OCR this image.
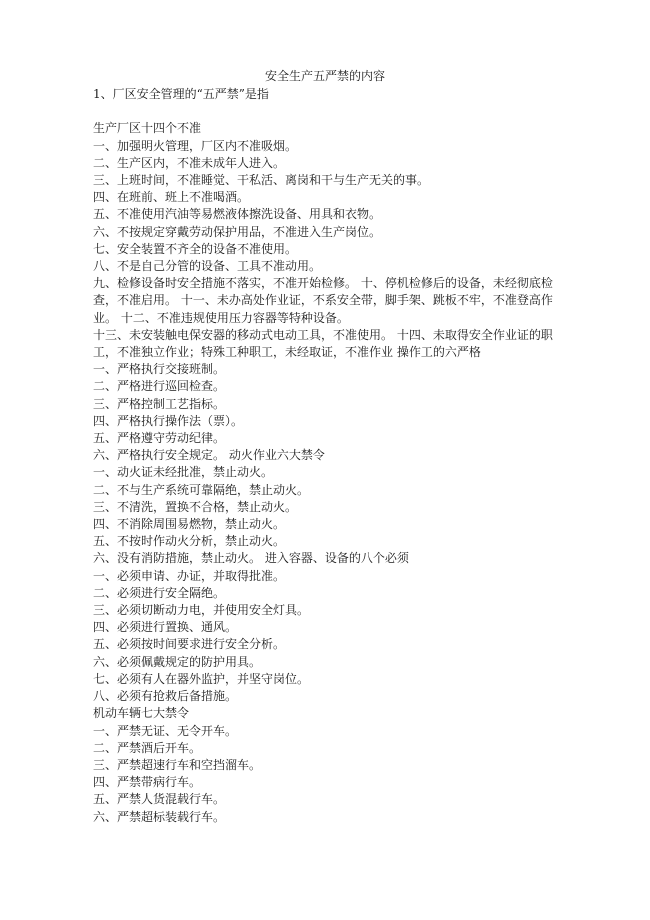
安全生产五严禁的内容
1、厂区安全管理的“五严禁”是指
生产厂区十四个不准
一、加强明火管理，厂区内不准吸烟。
二、生产区内，不准未成年人进入。
三、上班时间，不准睡觉、干私活、离岗和干与生产无关的事。
四、在班前、班上不准喝酒。
五、不准使用汽油等易燃液体擦洗设备、用具和衣物。
六、不按规定穿戴劳动保护用品，不准进入生产岗位。
七、安全装置不齐全的设备不准使用。
八、不是自己分管的设备、工具不准动用。
九、检修设备时安全措施不落实，不准开始检修。 十、停机检修后的设备，未经彻底检
查，不准启用。 十一、未办高处作业证，不系安全带，脚手架、跳板不牢，不准登高作
业。 十二、不准违规使用压力容器等特种设备。
十三、未安装触电保安器的移动式电动工具，不准使用。 十四、未取得安全作业证的职
工，不准独立作业；特殊工种职工，未经取证，不准作业 操作工的六严格
一、严格执行交接班制。
二、严格进行巡回检查。
三、严格控制工艺指标。
四、严格执行操作法（票）。
五、严格遵守劳动纪律。
六、严格执行安全规定。 动火作业六大禁令
一、动火证未经批准，禁止动火。
二、不与生产系统可靠隔绝，禁止动火。
三、不清洗，置换不合格，禁止动火。
四、不消除周围易燃物，禁止动火。
五、不按时作动火分析，禁止动火。
六、没有消防措施，禁止动火。 进入容器、设备的八个必须
一、必须申请、办证，并取得批准。
二、必须进行安全隔绝。
三、必须切断动力电，并使用安全灯具。
四、必须进行置换、通风。
五、必须按时间要求进行安全分析。
六、必须佩戴规定的防护用具。
七、必须有人在器外监护，并坚守岗位。
八、必须有抢救后备措施。
机动车辆七大禁令
一、严禁无证、无令开车。
二、严禁酒后开车。
三、严禁超速行车和空挡溜车。
四、严禁带病行车。
五、严禁人货混载行车。
六、严禁超标装载行车。
